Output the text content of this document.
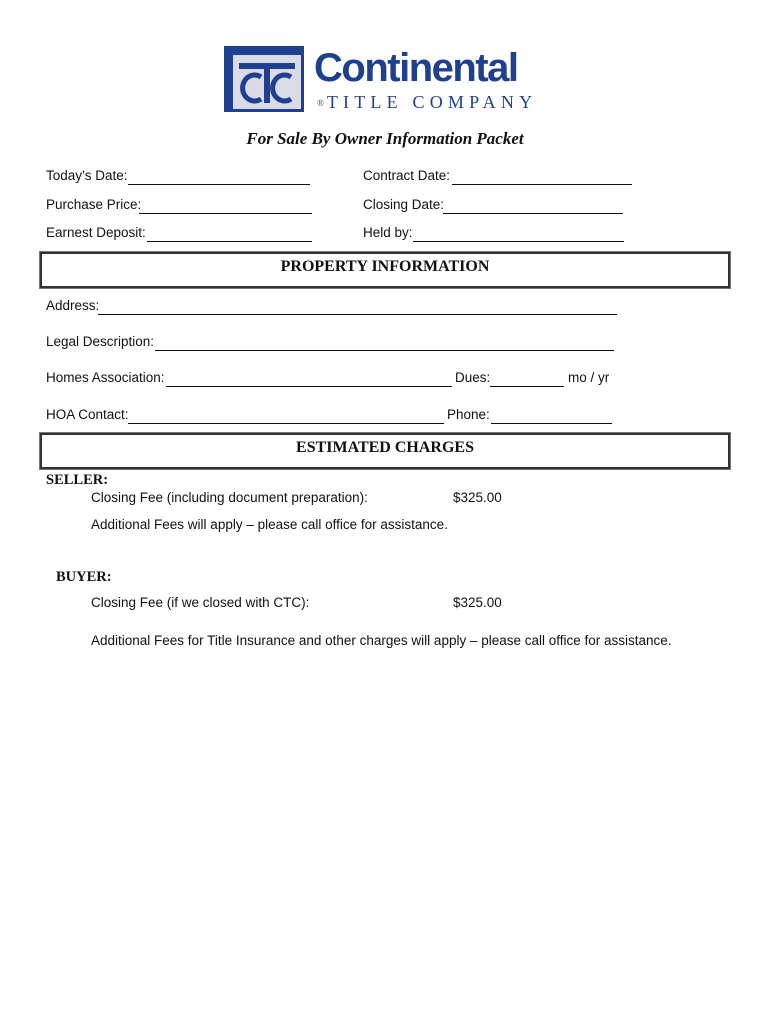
Continental
® TITLE COMPANY
For Sale By Owner Information Packet
Today’s Date:	Contract Date:
Purchase Price:	Closing Date:
Earnest Deposit:	Held by:
PROPERTY INFORMATION
Address:
Legal Description:
Homes Association:	Dues:	mo / yr
HOA Contact:	Phone:
ESTIMATED CHARGES
SELLER:
Closing Fee (including document preparation):	$325.00
Additional Fees will apply – please call office for assistance.
BUYER:
Closing Fee (if we closed with CTC):	$325.00
Additional Fees for Title Insurance and other charges will apply – please call office for assistance.
